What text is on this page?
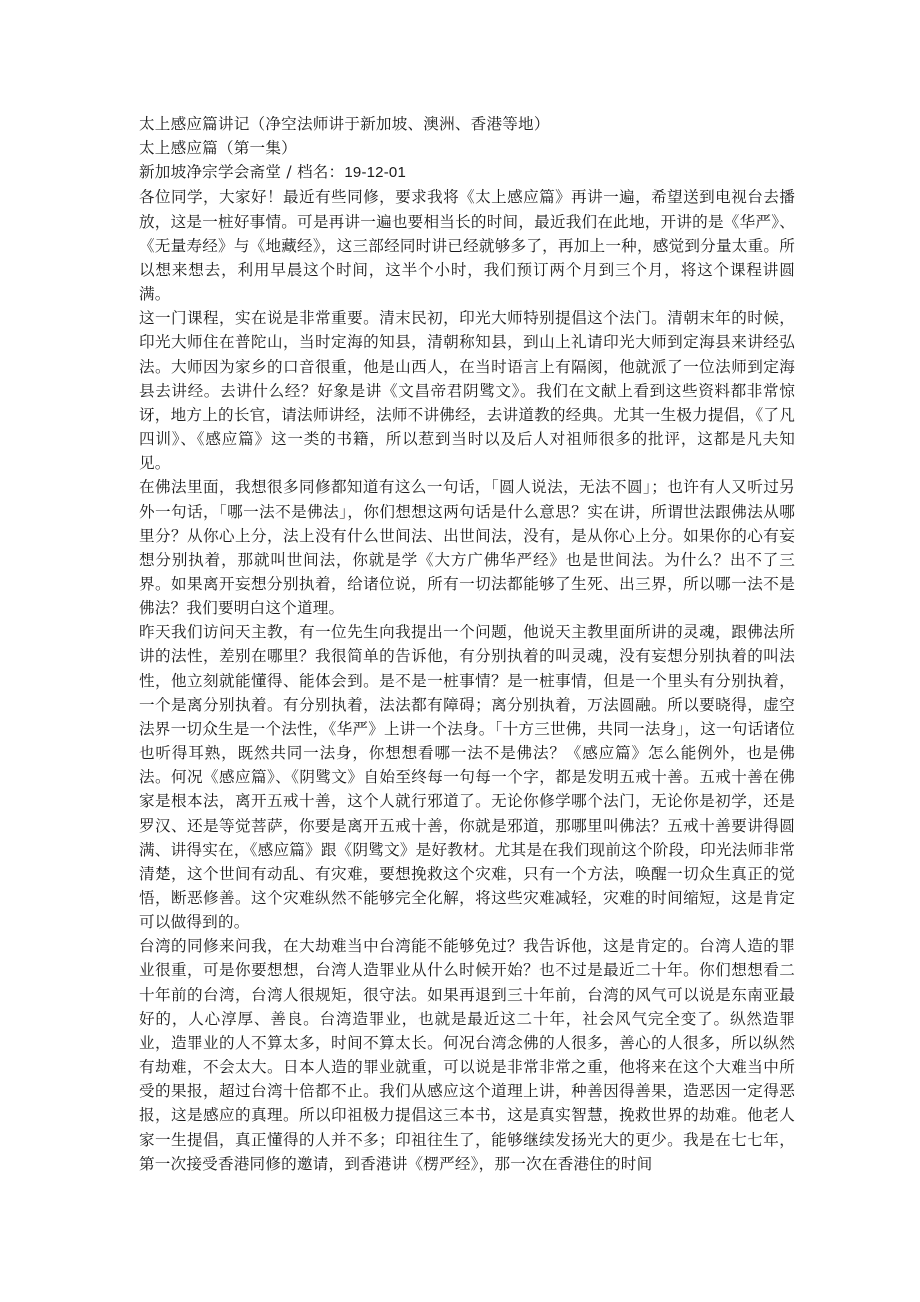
太上感应篇讲记（净空法师讲于新加坡、澳洲、香港等地）

太上感应篇（第一集）

新加坡净宗学会斋堂 / 档名：19-12-01

各位同学，大家好！最近有些同修，要求我将《太上感应篇》再讲一遍，希望送到电视台去播放，这是一桩好事情。可是再讲一遍也要相当长的时间，最近我们在此地，开讲的是《华严》、《无量寿经》与《地藏经》，这三部经同时讲已经就够多了，再加上一种，感觉到分量太重。所以想来想去，利用早晨这个时间，这半个小时，我们预订两个月到三个月，将这个课程讲圆满。

这一门课程，实在说是非常重要。清末民初，印光大师特别提倡这个法门。清朝末年的时候，印光大师住在普陀山，当时定海的知县，清朝称知县，到山上礼请印光大师到定海县来讲经弘法。大师因为家乡的口音很重，他是山西人，在当时语言上有隔阂，他就派了一位法师到定海县去讲经。去讲什么经？好象是讲《文昌帝君阴骘文》。我们在文献上看到这些资料都非常惊讶，地方上的长官，请法师讲经，法师不讲佛经，去讲道教的经典。尤其一生极力提倡，《了凡四训》、《感应篇》这一类的书籍，所以惹到当时以及后人对祖师很多的批评，这都是凡夫知见。

在佛法里面，我想很多同修都知道有这么一句话，「圆人说法，无法不圆」；也许有人又听过另外一句话，「哪一法不是佛法」，你们想想这两句话是什么意思？实在讲，所谓世法跟佛法从哪里分？从你心上分，法上没有什么世间法、出世间法，没有，是从你心上分。如果你的心有妄想分别执着，那就叫世间法，你就是学《大方广佛华严经》也是世间法。为什么？出不了三界。如果离开妄想分别执着，给诸位说，所有一切法都能够了生死、出三界，所以哪一法不是佛法？我们要明白这个道理。

昨天我们访问天主教，有一位先生向我提出一个问题，他说天主教里面所讲的灵魂，跟佛法所讲的法性，差别在哪里？我很简单的告诉他，有分别执着的叫灵魂，没有妄想分别执着的叫法性，他立刻就能懂得、能体会到。是不是一桩事情？是一桩事情，但是一个里头有分别执着，一个是离分别执着。有分别执着，法法都有障碍；离分别执着，万法圆融。所以要晓得，虚空法界一切众生是一个法性，《华严》上讲一个法身。「十方三世佛，共同一法身」，这一句话诸位也听得耳熟，既然共同一法身，你想想看哪一法不是佛法？《感应篇》怎么能例外，也是佛法。何况《感应篇》、《阴骘文》自始至终每一句每一个字，都是发明五戒十善。五戒十善在佛家是根本法，离开五戒十善，这个人就行邪道了。无论你修学哪个法门，无论你是初学，还是罗汉、还是等觉菩萨，你要是离开五戒十善，你就是邪道，那哪里叫佛法？五戒十善要讲得圆满、讲得实在，《感应篇》跟《阴骘文》是好教材。尤其是在我们现前这个阶段，印光法师非常清楚，这个世间有动乱、有灾难，要想挽救这个灾难，只有一个方法，唤醒一切众生真正的觉悟，断恶修善。这个灾难纵然不能够完全化解，将这些灾难减轻，灾难的时间缩短，这是肯定可以做得到的。

台湾的同修来问我，在大劫难当中台湾能不能够免过？我告诉他，这是肯定的。台湾人造的罪业很重，可是你要想想，台湾人造罪业从什么时候开始？也不过是最近二十年。你们想想看二十年前的台湾，台湾人很规矩，很守法。如果再退到三十年前，台湾的风气可以说是东南亚最好的，人心淳厚、善良。台湾造罪业，也就是最近这二十年，社会风气完全变了。纵然造罪业，造罪业的人不算太多，时间不算太长。何况台湾念佛的人很多，善心的人很多，所以纵然有劫难，不会太大。日本人造的罪业就重，可以说是非常非常之重，他将来在这个大难当中所受的果报，超过台湾十倍都不止。我们从感应这个道理上讲，种善因得善果，造恶因一定得恶报，这是感应的真理。所以印祖极力提倡这三本书，这是真实智慧，挽救世界的劫难。他老人家一生提倡，真正懂得的人并不多；印祖往生了，能够继续发扬光大的更少。我是在七七年，第一次接受香港同修的邀请，到香港讲《楞严经》，那一次在香港住的时间
